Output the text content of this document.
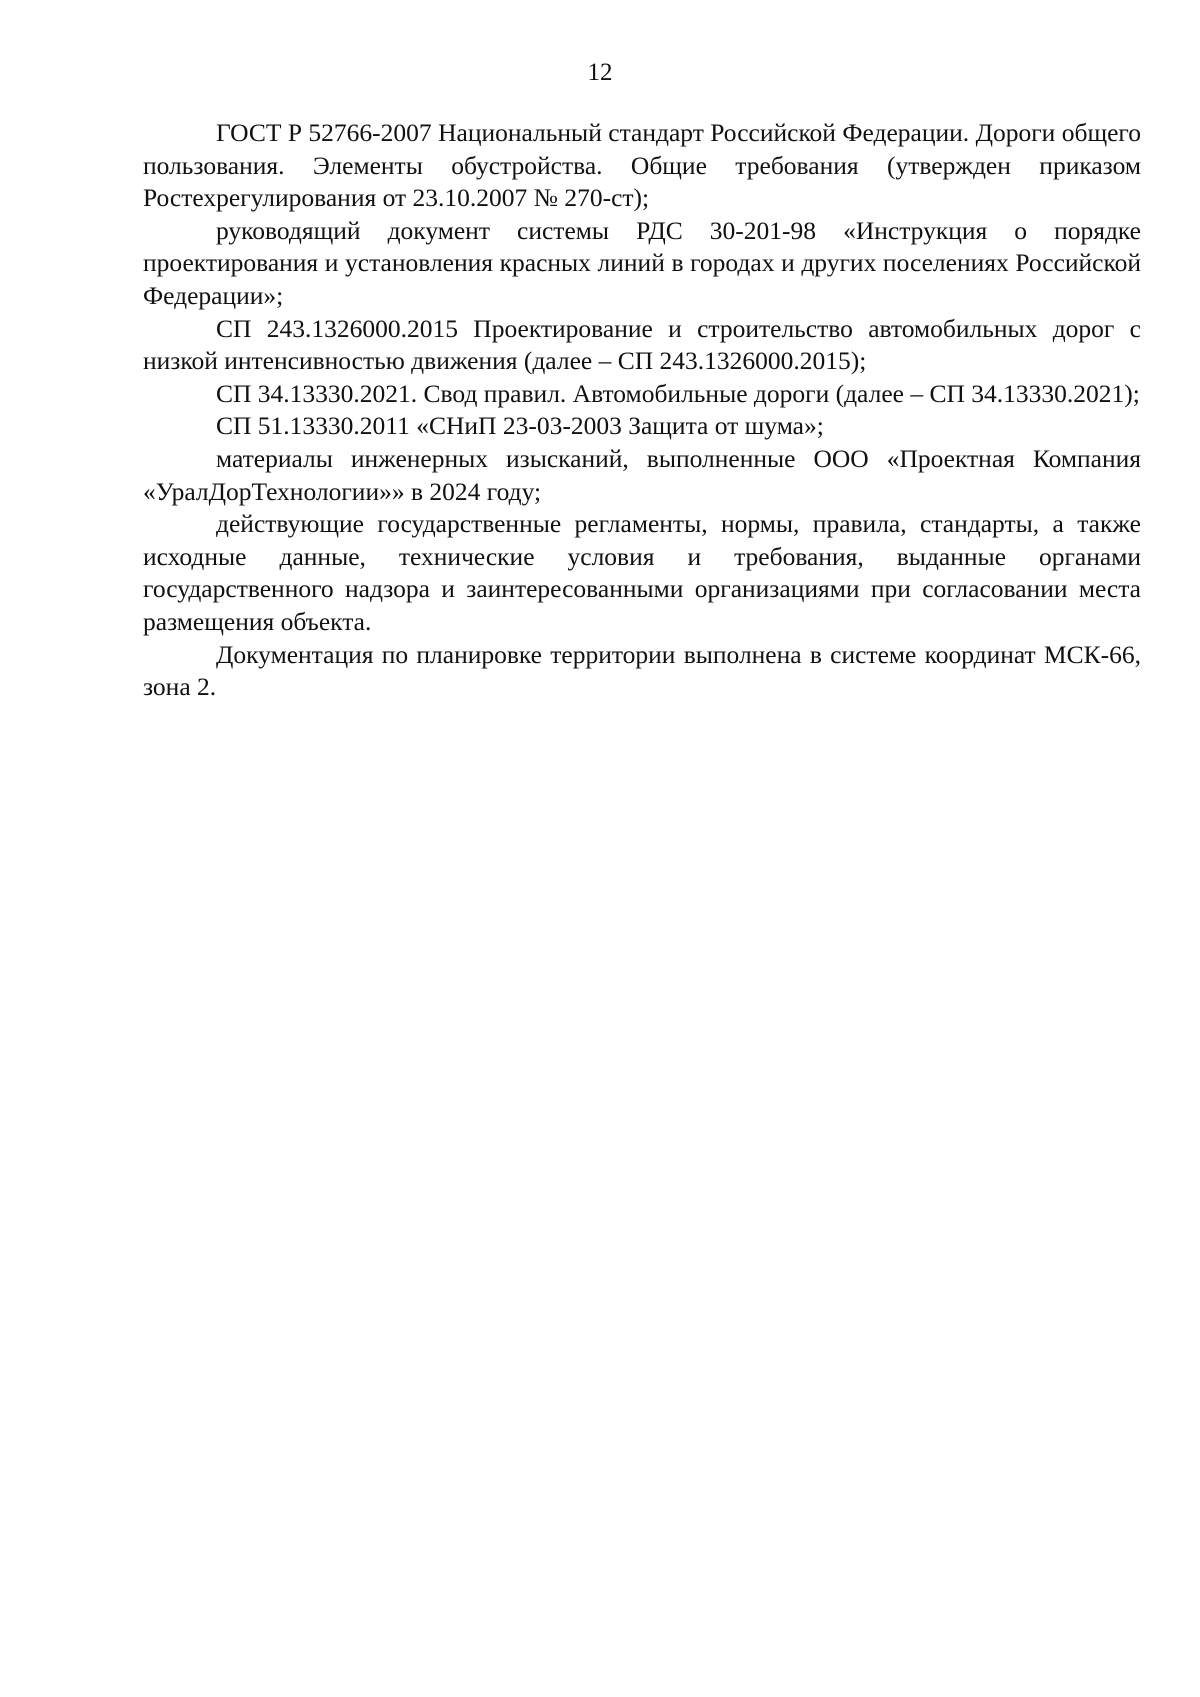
12

ГОСТ Р 52766-2007 Национальный стандарт Российской Федерации. Дороги общего пользования. Элементы обустройства. Общие требования (утвержден приказом Ростехрегулирования от 23.10.2007 № 270-ст);

руководящий документ системы РДС 30-201-98 «Инструкция о порядке проектирования и установления красных линий в городах и других поселениях Российской Федерации»;

СП 243.1326000.2015 Проектирование и строительство автомобильных дорог с низкой интенсивностью движения (далее – СП 243.1326000.2015);

СП 34.13330.2021. Свод правил. Автомобильные дороги (далее – СП 34.13330.2021);

СП 51.13330.2011 «СНиП 23-03-2003 Защита от шума»;

материалы инженерных изысканий, выполненные ООО «Проектная Компания «УралДорТехнологии»» в 2024 году;

действующие государственные регламенты, нормы, правила, стандарты, а также исходные данные, технические условия и требования, выданные органами государственного надзора и заинтересованными организациями при согласовании места размещения объекта.

Документация по планировке территории выполнена в системе координат МСК-66, зона 2.
